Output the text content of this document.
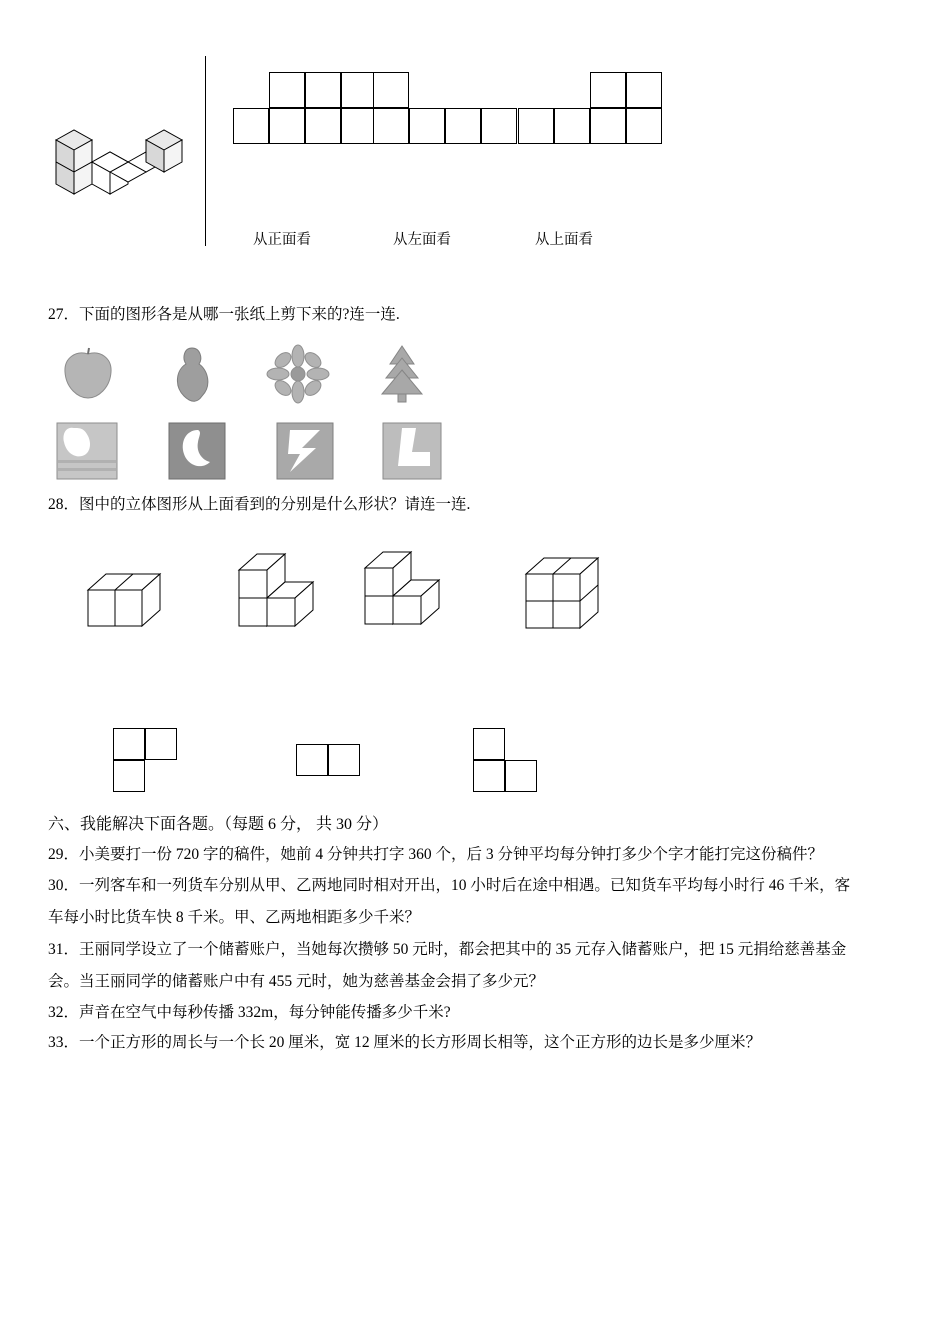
从正面看	从左面看	从上面看

27．下面的图形各是从哪一张纸上剪下来的?连一连.

28．图中的立体图形从上面看到的分别是什么形状？请连一连.

六、我能解决下面各题。（每题 6 分， 共 30 分）

29．小美要打一份 720 字的稿件，她前 4 分钟共打字 360 个，后 3 分钟平均每分钟打多少个字才能打完这份稿件？

30．一列客车和一列货车分别从甲、乙两地同时相对开出，10 小时后在途中相遇。已知货车平均每小时行 46 千米，客
车每小时比货车快 8 千米。甲、乙两地相距多少千米？

31．王丽同学设立了一个储蓄账户，当她每次攒够 50 元时，都会把其中的 35 元存入储蓄账户，把 15 元捐给慈善基金
会。当王丽同学的储蓄账户中有 455 元时，她为慈善基金会捐了多少元？

32．声音在空气中每秒传播 332m，每分钟能传播多少千米?

33．一个正方形的周长与一个长 20 厘米，宽 12 厘米的长方形周长相等，这个正方形的边长是多少厘米？
